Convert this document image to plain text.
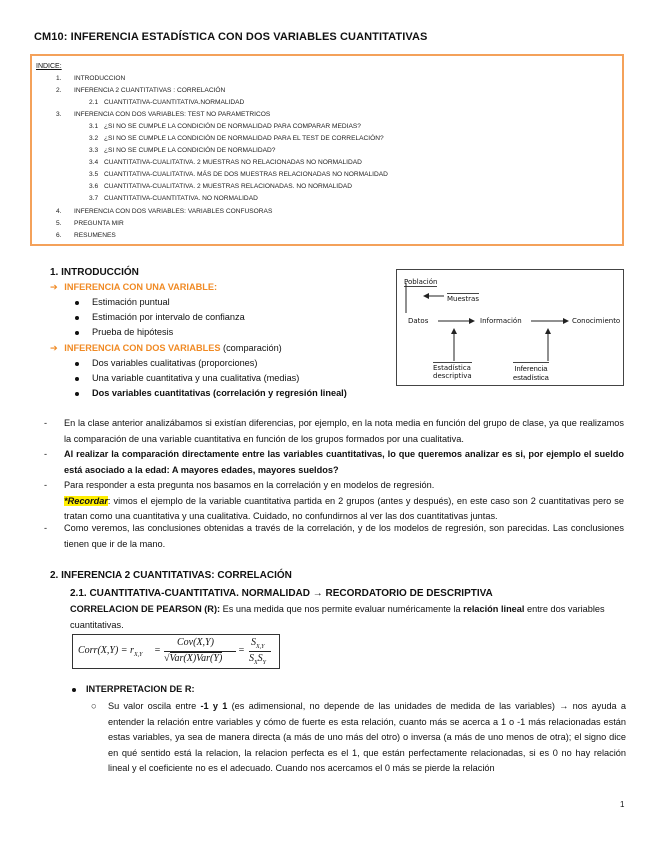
CM10: INFERENCIA ESTADÍSTICA CON DOS VARIABLES CUANTITATIVAS
INDICE:
1. INTRODUCCION
2. INFERENCIA 2 CUANTITATIVAS : CORRELACIÓN
2.1 CUANTITATIVA-CUANTITATIVA.NORMALIDAD
3. INFERENCIA CON DOS VARIABLES: TEST NO PARAMETRICOS
3.1 ¿SI NO SE CUMPLE LA CONDICIÓN DE NORMALIDAD PARA COMPARAR MEDIAS?
3.2 ¿SI NO SE CUMPLE LA CONDICIÓN DE NORMALIDAD PARA EL TEST DE CORRELACIÓN?
3.3 ¿SI NO SE CUMPLE LA CONDICIÓN DE NORMALIDAD?
3.4 CUANTITATIVA-CUALITATIVA. 2 MUESTRAS NO RELACIONADAS NO NORMALIDAD
3.5 CUANTITATIVA-CUALITATIVA. MÁS DE DOS MUESTRAS RELACIONADAS NO NORMALIDAD
3.6 CUANTITATIVA-CUALITATIVA. 2 MUESTRAS RELACIONADAS. NO NORMALIDAD
3.7 CUANTITATIVA-CUANTITATIVA. NO NORMALIDAD
4. INFERENCIA CON DOS VARIABLES: VARIABLES CONFUSORAS
5. PREGUNTA MIR
6. RESUMENES
1. INTRODUCCIÓN
➔ INFERENCIA CON UNA VARIABLE:
Estimación puntual
Estimación por intervalo de confianza
Prueba de hipótesis
➔ INFERENCIA CON DOS VARIABLES (comparación)
Dos variables cualitativas (proporciones)
Una variable cuantitativa y una cualitativa (medias)
Dos variables cuantitativas (correlación y regresión lineal)
Población
Muestras
Datos	Información	Conocimiento
Estadística
descriptiva
Inferencia
estadística
- En la clase anterior analizábamos si existían diferencias, por ejemplo, en la nota media en función del grupo de clase, ya que realizamos la comparación de una variable cuantitativa en función de los grupos formados por una cualitativa.
- Al realizar la comparación directamente entre las variables cuantitativas, lo que queremos analizar es si, por ejemplo el sueldo está asociado a la edad: A mayores edades, mayores sueldos?
- Para responder a esta pregunta nos basamos en la correlación y en modelos de regresión.
*Recordar: vimos el ejemplo de la variable cuantitativa partida en 2 grupos (antes y después), en este caso son 2 cuantitativas pero se tratan como una cuantitativa y una cualitativa. Cuidado, no confundirnos al ver las dos cuantitativas juntas.
- Como veremos, las conclusiones obtenidas a través de la correlación, y de los modelos de regresión, son parecidas. Las conclusiones tienen que ir de la mano.
2. INFERENCIA 2 CUANTITATIVAS: CORRELACIÓN
2.1. CUANTITATIVA-CUANTITATIVA. NORMALIDAD → RECORDATORIO DE DESCRIPTIVA
CORRELACION DE PEARSON (R): Es una medida que nos permite evaluar numéricamente la relación lineal entre dos variables cuantitativas.
Corr(X,Y) = $r_{X,Y}$ =
Cov(X,Y)
√Var(X)Var(Y)
=
$S_{X,Y}$
$S_XS_Y$
INTERPRETACION DE R:
○ Su valor oscila entre -1 y 1 (es adimensional, no depende de las unidades de medida de las variables) → nos ayuda a entender la relación entre variables y cómo de fuerte es esta relación, cuanto más se acerca a 1 o -1 más relacionadas están estas variables, ya sea de manera directa (a más de uno más del otro) o inversa (a más de uno menos de otra); el signo dice en qué sentido está la relacion, la relacion perfecta es el 1, que están perfectamente relacionadas, si es 0 no hay relación lineal y el coeficiente no es el adecuado. Cuando nos acercamos el 0 más se pierde la relación
1
